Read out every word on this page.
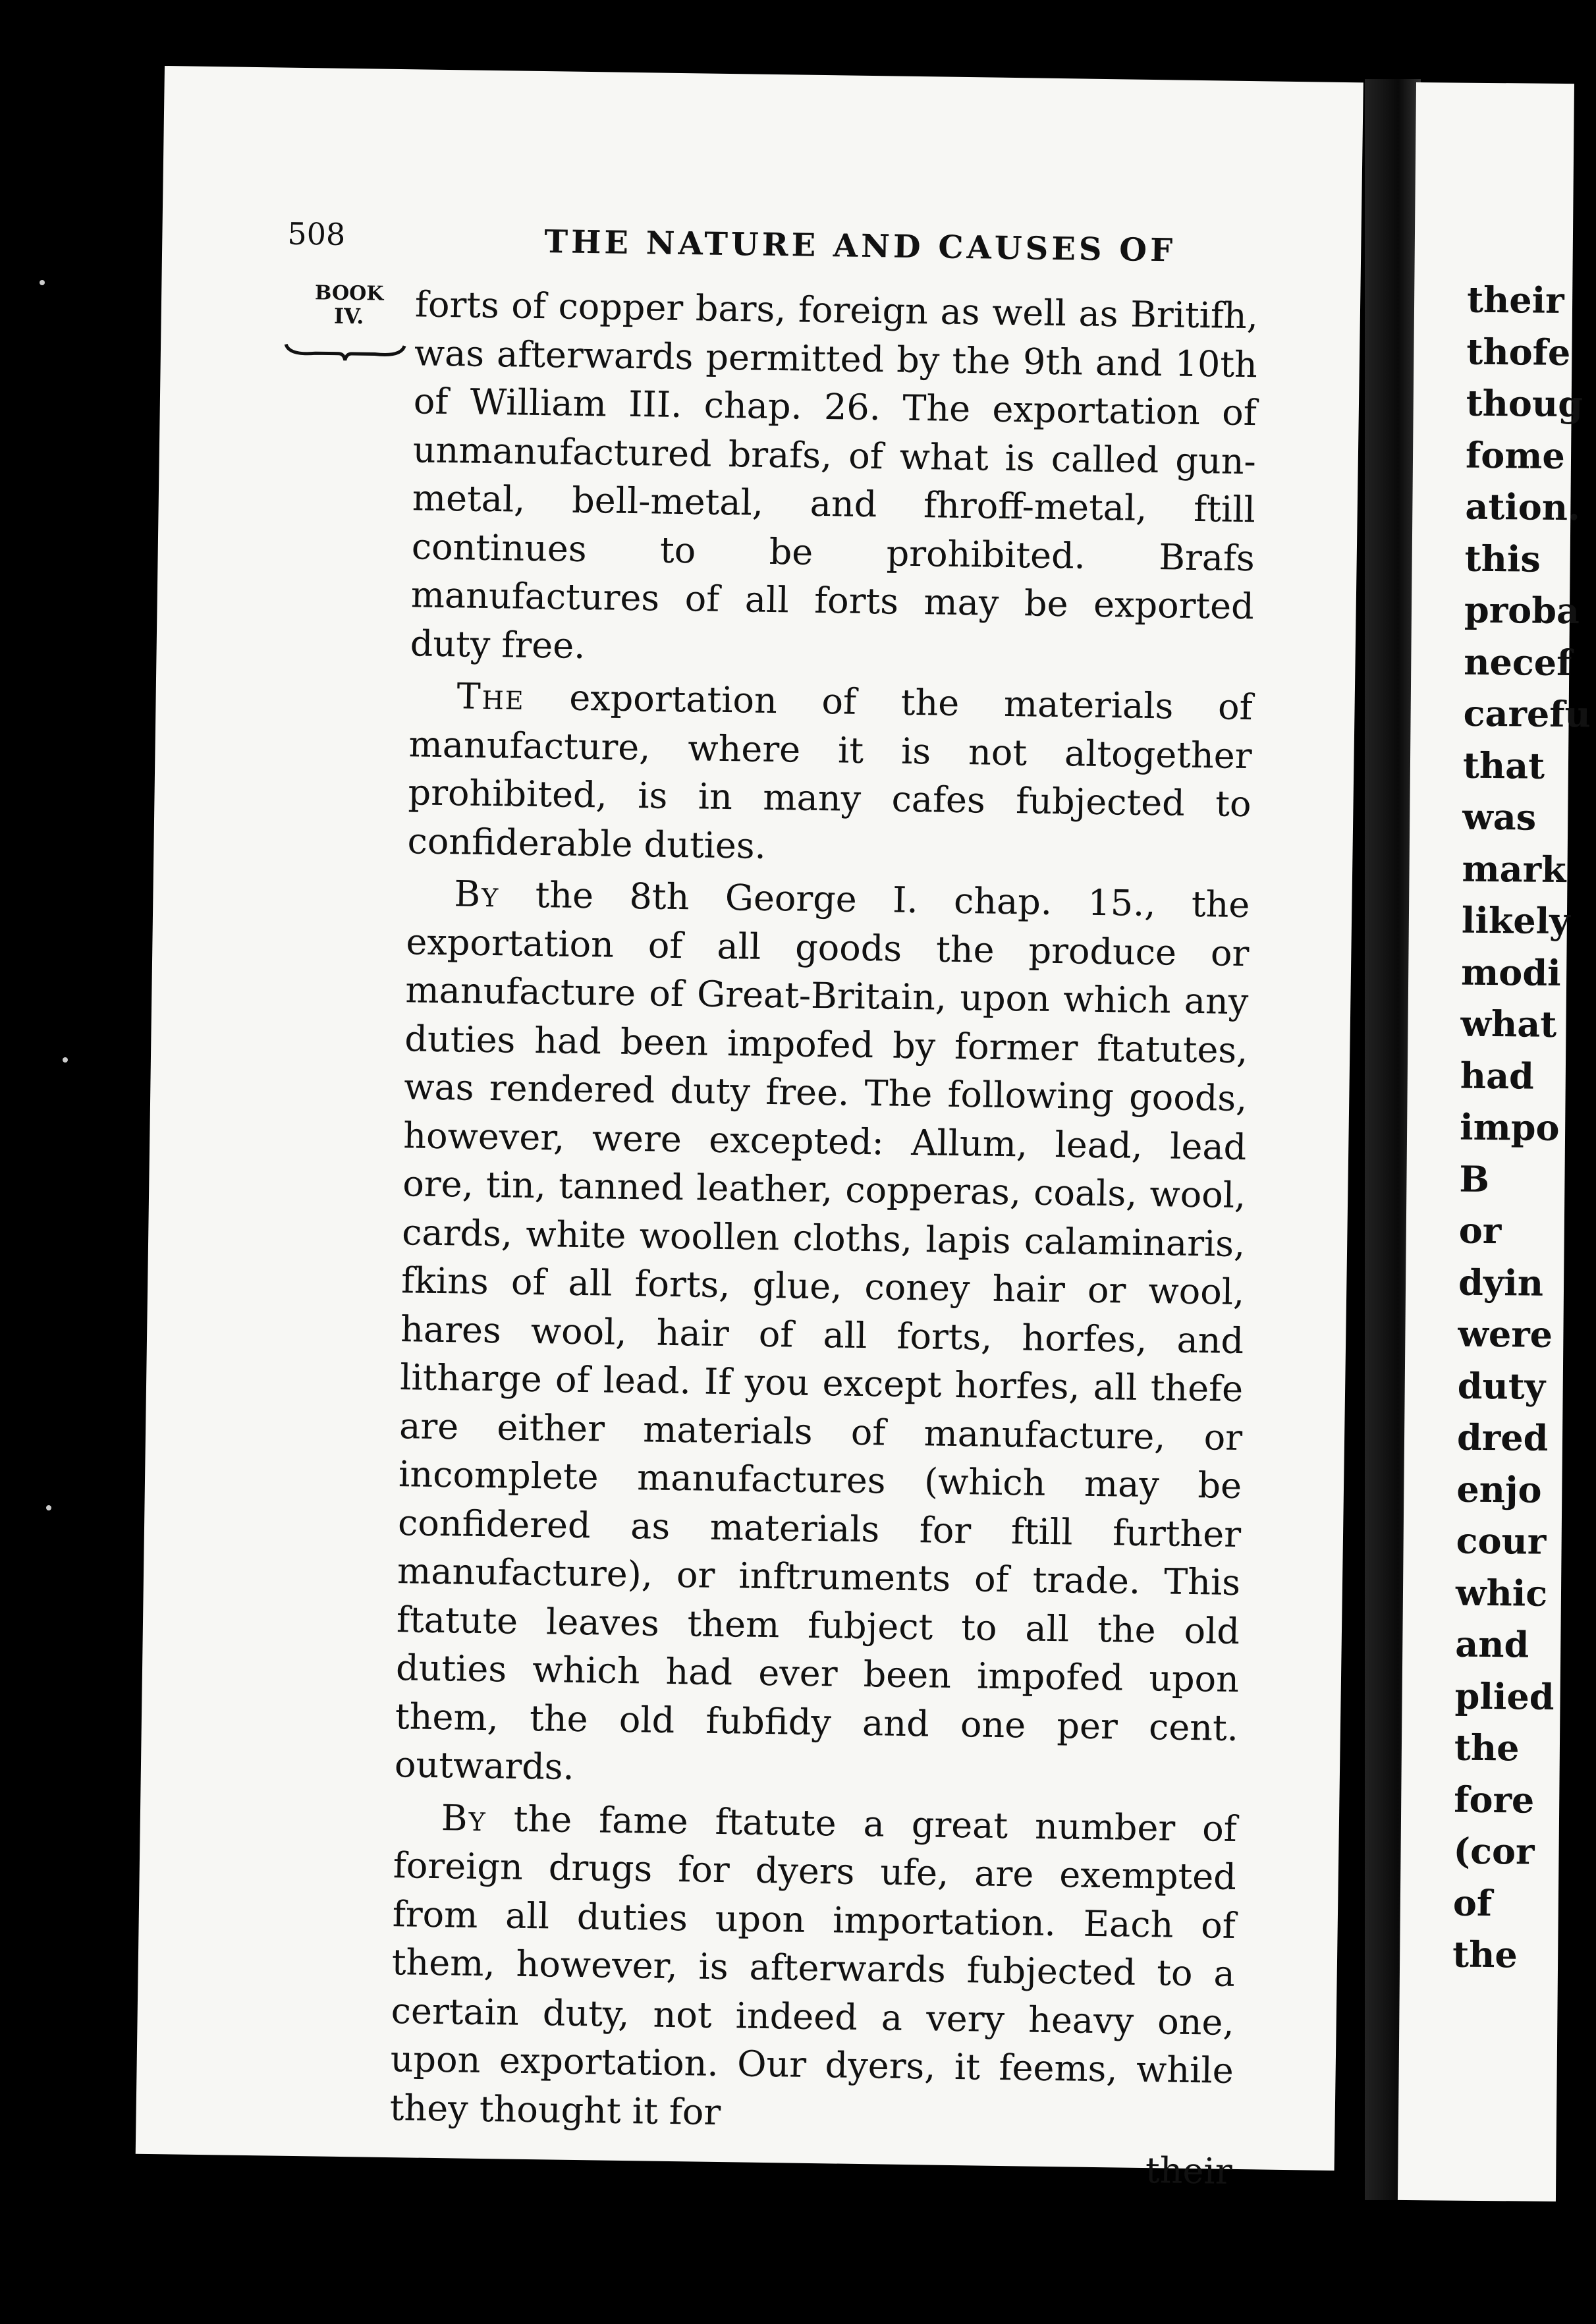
508	THE NATURE AND CAUSES OF
BOOK
IV.	forts of copper bars, foreign as well as Britifh, was afterwards permitted by the 9th and 10th of William III. chap. 26. The exportation of unmanufactured brafs, of what is called gun-metal, bell-metal, and fhroff-metal, ftill continues to be prohibited. Brafs manufactures of all forts may be exported duty free.

The exportation of the materials of manufacture, where it is not altogether prohibited, is in many cafes fubjected to confiderable duties.

By the 8th George I. chap. 15., the exportation of all goods the produce or manufacture of Great-Britain, upon which any duties had been impofed by former ftatutes, was rendered duty free. The following goods, however, were excepted: Allum, lead, lead ore, tin, tanned leather, copperas, coals, wool, cards, white woollen cloths, lapis calaminaris, fkins of all forts, glue, coney hair or wool, hares wool, hair of all forts, horfes, and litharge of lead. If you except horfes, all thefe are either materials of manufacture, or incomplete manufactures (which may be confidered as materials for ftill further manufacture), or inftruments of trade. This ftatute leaves them fubject to all the old duties which had ever been impofed upon them, the old fubfidy and one per cent. outwards.

By the fame ftatute a great number of foreign drugs for dyers ufe, are exempted from all duties upon importation. Each of them, however, is afterwards fubjected to a certain duty, not indeed a very heavy one, upon exportation. Our dyers, it feems, while they thought it for

their
their
thofe
thoug
fome
ation.
this
proba
necef
carefu
that
was
mark
likely
modi
what
had
impo
B
or
dyin
were
duty
dred
enjo
cour
whic
and
plied
the
fore
(cor
of
the
